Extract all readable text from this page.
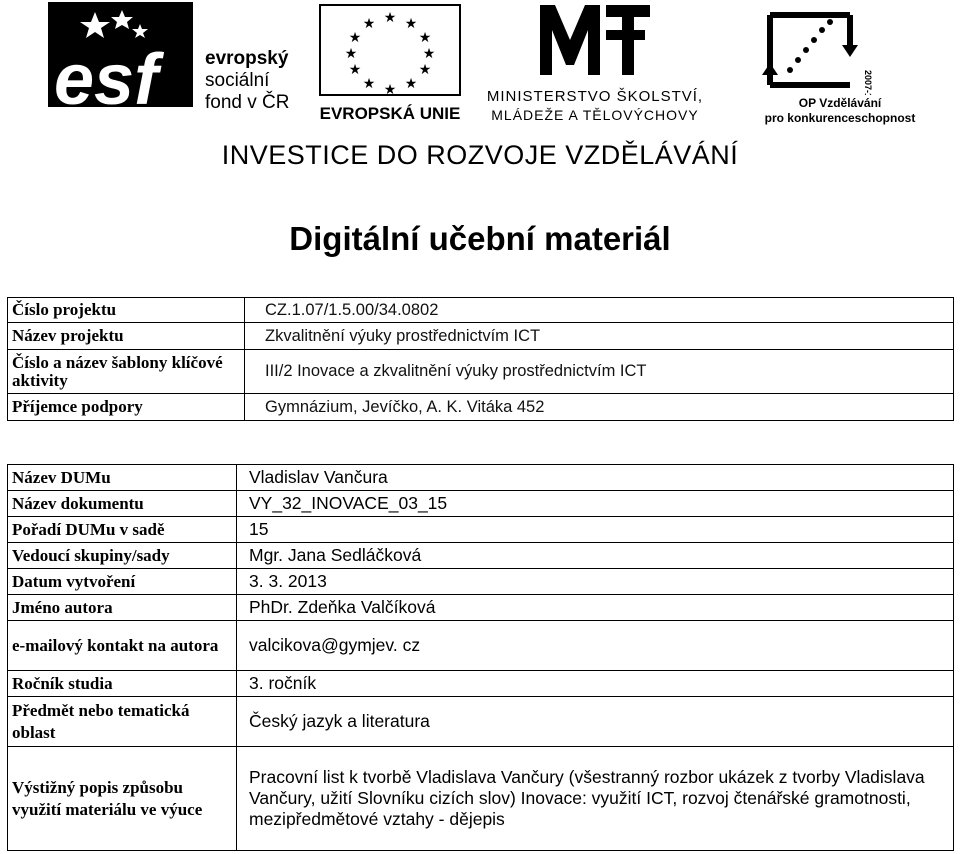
esf	evropský
sociální
fond v ČR
★ ★
★
★
★
★
★
★
★
★
★
★
EVROPSKÁ UNIE
MINISTERSTVO ŠKOLSTVÍ,
MLÁDEŽE A TĚLOVÝCHOVY
2007-13
OP Vzdělávání
pro konkurenceschopnost
INVESTICE DO ROZVOJE VZDĚLÁVÁNÍ
Digitální učební materiál
Číslo projektu	CZ.1.07/1.5.00/34.0802
Název projektu	Zkvalitnění výuky prostřednictvím ICT
Číslo a název šablony klíčové aktivity	III/2 Inovace a zkvalitnění výuky prostřednictvím ICT
Příjemce podpory	Gymnázium, Jevíčko, A. K. Vitáka 452
Název DUMu	Vladislav Vančura
Název dokumentu	VY_32_INOVACE_03_15
Pořadí DUMu v sadě	15
Vedoucí skupiny/sady	Mgr. Jana Sedláčková
Datum vytvoření	3. 3. 2013
Jméno autora	PhDr. Zdeňka Valčíková
e-mailový kontakt na autora	valcikova@gymjev. cz
Ročník studia	3. ročník
Předmět nebo tematická oblast	Český jazyk a literatura
Výstižný popis způsobu využití materiálu ve výuce	Pracovní list k tvorbě Vladislava Vančury (všestranný rozbor ukázek z tvorby Vladislava Vančury, užití Slovníku cizích slov) Inovace: využití ICT, rozvoj čtenářské gramotnosti, mezipředmětové vztahy - dějepis
